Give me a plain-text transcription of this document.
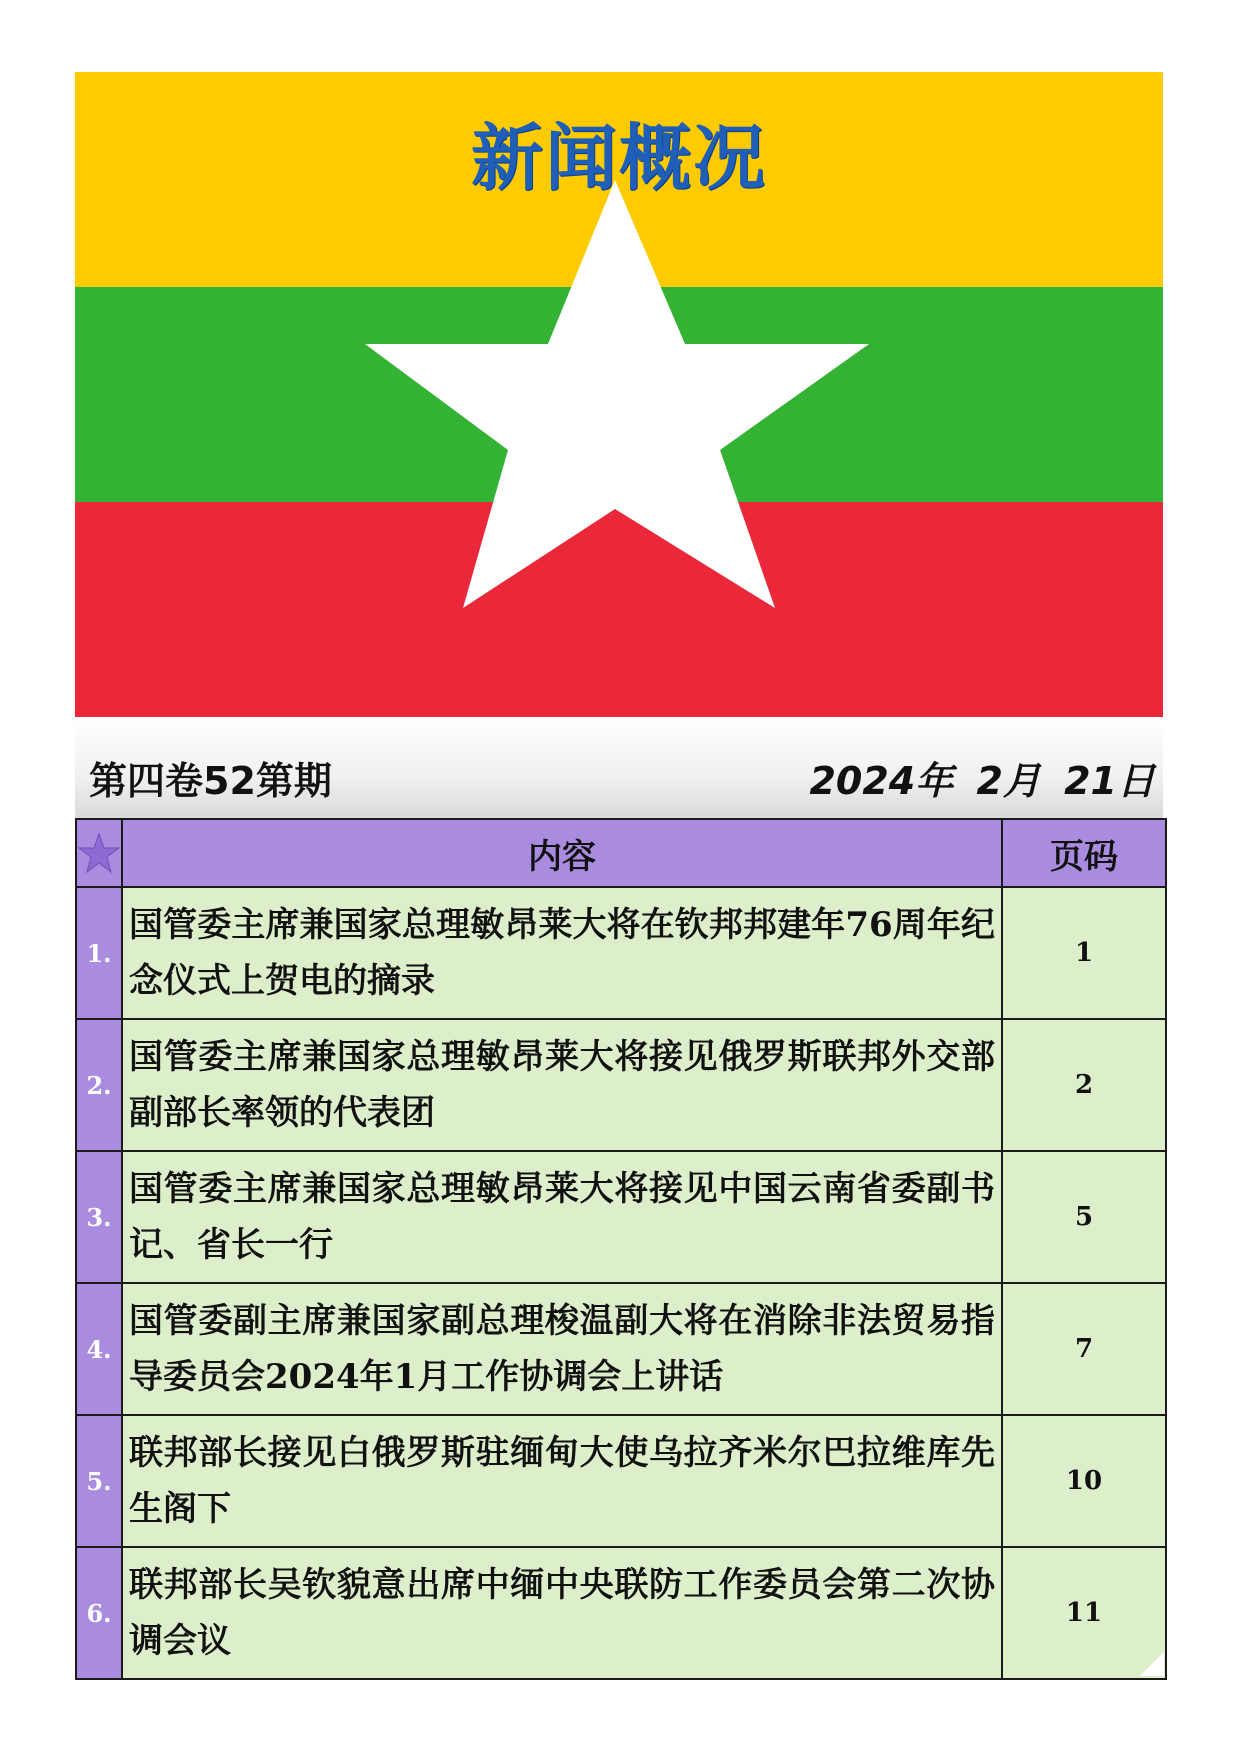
新闻概况
第四卷52第期	2024年 2月 21日
	内容	页码
1.	国管委主席兼国家总理敏昂莱大将在钦邦邦建年76周年纪念仪式上贺电的摘录	1
2.	国管委主席兼国家总理敏昂莱大将接见俄罗斯联邦外交部副部长率领的代表团	2
3.	国管委主席兼国家总理敏昂莱大将接见中国云南省委副书记、省长一行	5
4.	国管委副主席兼国家副总理梭温副大将在消除非法贸易指导委员会2024年1月工作协调会上讲话	7
5.	联邦部长接见白俄罗斯驻缅甸大使乌拉齐米尔巴拉维库先生阁下	10
6.	联邦部长吴钦貌意出席中缅中央联防工作委员会第二次协调会议	11
